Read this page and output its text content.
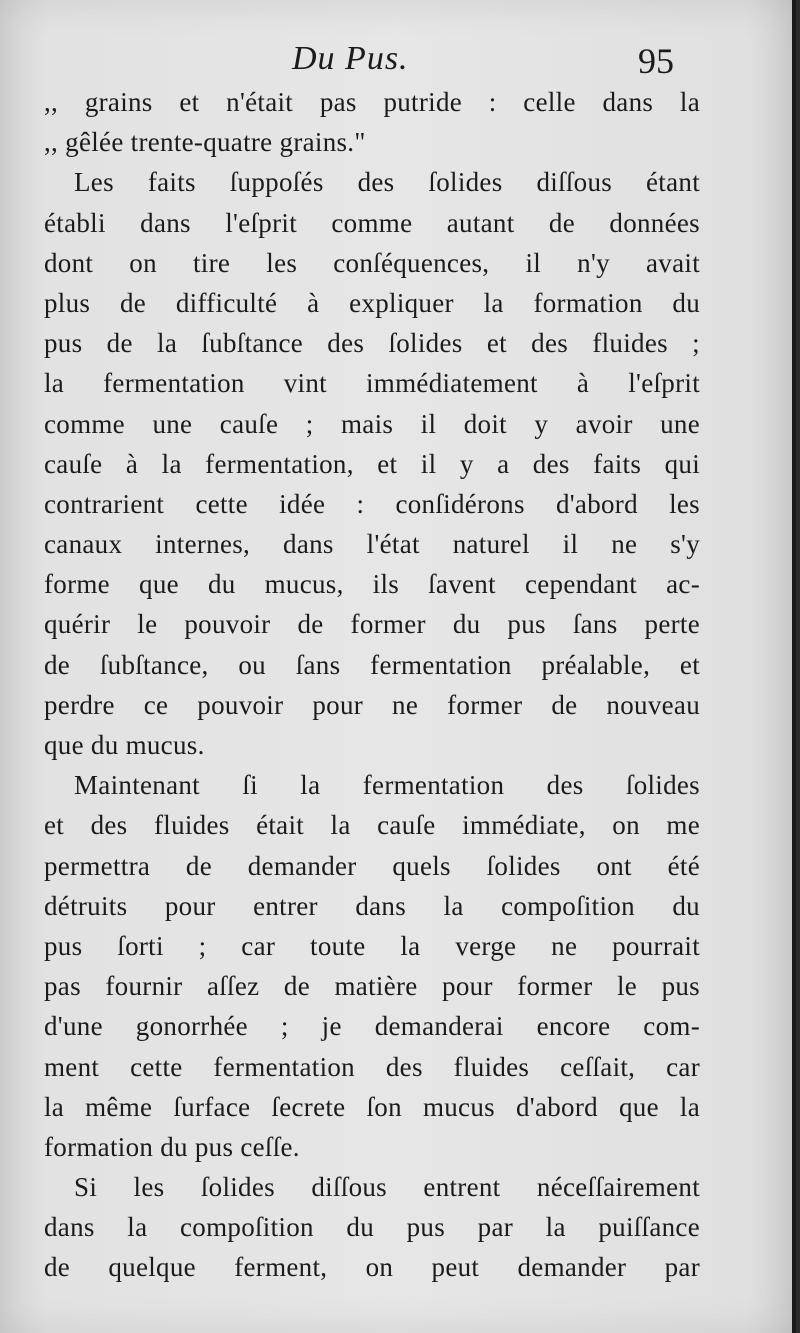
Du Pus.	95
,, grains et n'était pas putride : celle dans la
,, gêlée trente-quatre grains."
Les faits ſuppoſés des ſolides diſſous étant
établi dans l'eſprit comme autant de données
dont on tire les conſéquences, il n'y avait
plus de difficulté à expliquer la formation du
pus de la ſubſtance des ſolides et des fluides ;
la fermentation vint immédiatement à l'eſprit
comme une cauſe ; mais il doit y avoir une
cauſe à la fermentation, et il y a des faits qui
contrarient cette idée : conſidérons d'abord les
canaux internes, dans l'état naturel il ne s'y
forme que du mucus, ils ſavent cependant ac-
quérir le pouvoir de former du pus ſans perte
de ſubſtance, ou ſans fermentation préalable, et
perdre ce pouvoir pour ne former de nouveau
que du mucus.
Maintenant ſi la fermentation des ſolides
et des fluides était la cauſe immédiate, on me
permettra de demander quels ſolides ont été
détruits pour entrer dans la compoſition du
pus ſorti ; car toute la verge ne pourrait
pas fournir aſſez de matière pour former le pus
d'une gonorrhée ; je demanderai encore com-
ment cette fermentation des fluides ceſſait, car
la même ſurface ſecrete ſon mucus d'abord que la
formation du pus ceſſe.
Si les ſolides diſſous entrent néceſſairement
dans la compoſition du pus par la puiſſance
de quelque ferment, on peut demander par
